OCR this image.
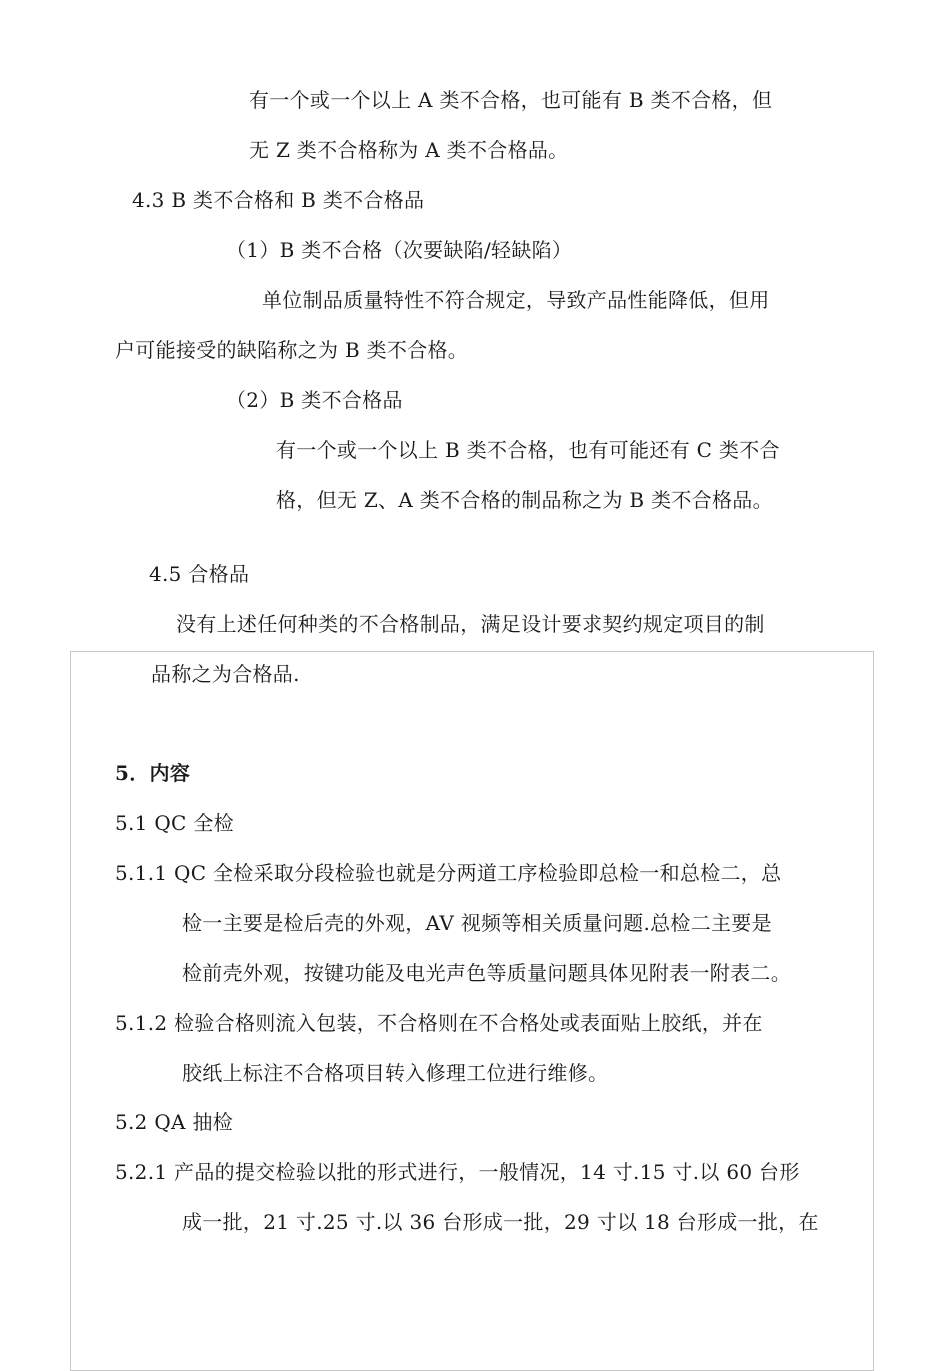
有一个或一个以上 A 类不合格，也可能有 B 类不合格，但
无 Z 类不合格称为 A 类不合格品。
4.3 B 类不合格和 B 类不合格品
（1）B 类不合格（次要缺陷/轻缺陷）
单位制品质量特性不符合规定，导致产品性能降低，但用
户可能接受的缺陷称之为 B 类不合格。
（2）B 类不合格品
有一个或一个以上 B 类不合格，也有可能还有 C 类不合
格，但无 Z、A 类不合格的制品称之为 B 类不合格品。
4.5 合格品
没有上述任何种类的不合格制品，满足设计要求契约规定项目的制
品称之为合格品.
5．内容
5.1 QC 全检
5.1.1 QC 全检采取分段检验也就是分两道工序检验即总检一和总检二，总
检一主要是检后壳的外观，AV 视频等相关质量问题.总检二主要是
检前壳外观，按键功能及电光声色等质量问题具体见附表一附表二。
5.1.2 检验合格则流入包装，不合格则在不合格处或表面贴上胶纸，并在
胶纸上标注不合格项目转入修理工位进行维修。
5.2 QA 抽检
5.2.1 产品的提交检验以批的形式进行，一般情况，14 寸.15 寸.以 60 台形
成一批，21 寸.25 寸.以 36 台形成一批，29 寸以 18 台形成一批，在
